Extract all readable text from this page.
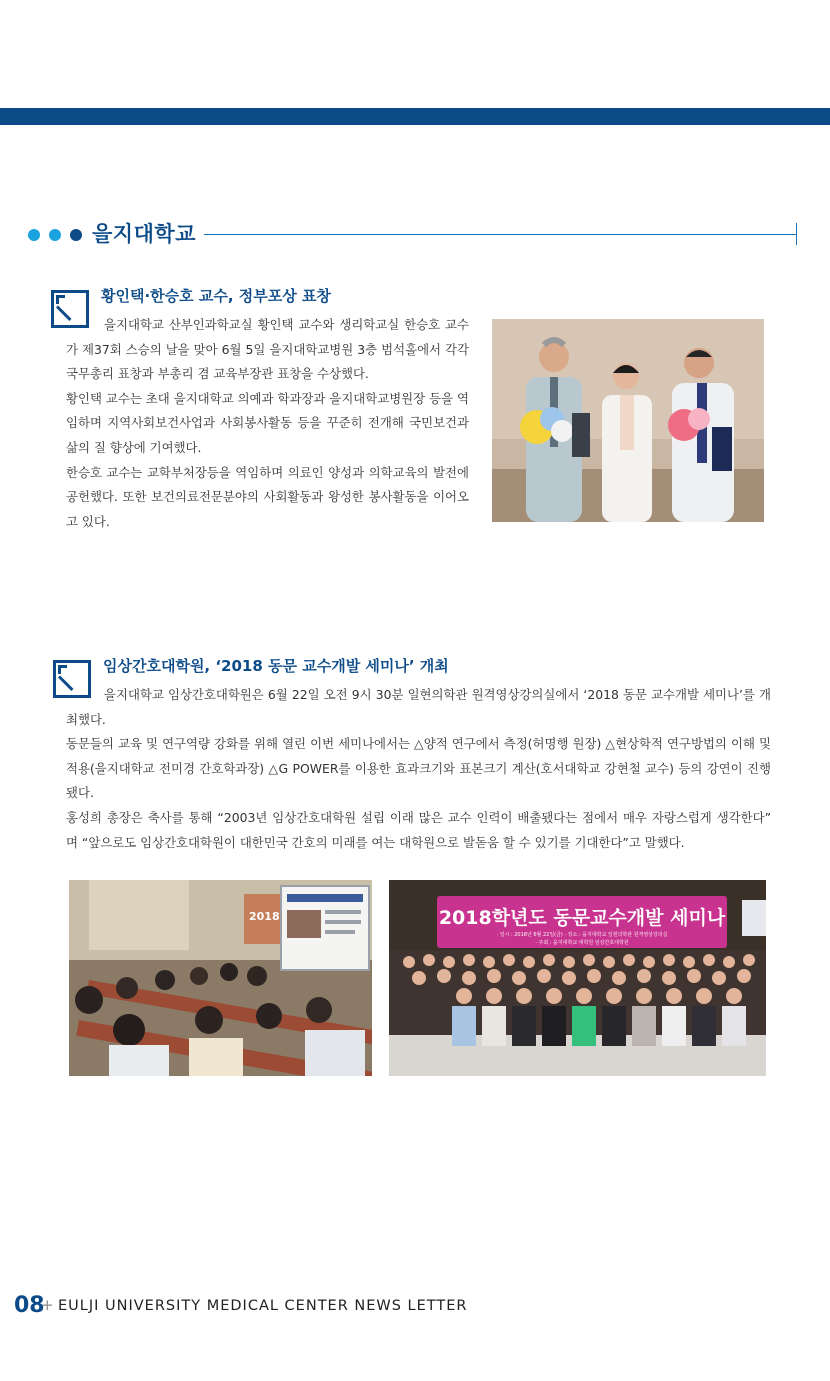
을지대학교
황인택·한승호 교수, 정부포상 표창

을지대학교 산부인과학교실 황인택 교수와 생리학교실 한승호 교수가 제37회 스승의 날을 맞아 6월 5일 을지대학교병원 3층 범석홀에서 각각 국무총리 표창과 부총리 겸 교육부장관 표창을 수상했다.

황인택 교수는 초대 을지대학교 의예과 학과장과 을지대학교병원장 등을 역임하며 지역사회보건사업과 사회봉사활동 등을 꾸준히 전개해 국민보건과 삶의 질 향상에 기여했다.

한승호 교수는 교학부처장등을 역임하며 의료인 양성과 의학교육의 발전에 공헌했다. 또한 보건의료전문분야의 사회활동과 왕성한 봉사활동을 이어오고 있다.

임상간호대학원, ‘2018 동문 교수개발 세미나’ 개최

을지대학교 임상간호대학원은 6월 22일 오전 9시 30분 일현의학관 원격영상강의실에서 ‘2018 동문 교수개발 세미나’를 개최했다.

동문들의 교육 및 연구역량 강화를 위해 열린 이번 세미나에서는 △양적 연구에서 측정(허명행 원장) △현상학적 연구방법의 이해 및 적용(을지대학교 전미경 간호학과장) △G POWER를 이용한 효과크기와 표본크기 계산(호서대학교 강현철 교수) 등의 강연이 진행됐다.

홍성희 총장은 축사를 통해 “2003년 임상간호대학원 설립 이래 많은 교수 인력이 배출됐다는 점에서 매우 자랑스럽게 생각한다” 며 “앞으로도 임상간호대학원이 대한민국 간호의 미래를 여는 대학원으로 발돋움 할 수 있기를 기대한다”고 말했다.

2018	2018학년도 동문교수개발 세미나
· 일시 : 2018년 6월 22일(금) · 장소 : 을지대학교 일현의학관 원격영상강의실
· 주최 : 을지대학교 대학원 임상간호대학원
08
+ EULJI UNIVERSITY MEDICAL CENTER NEWS LETTER
